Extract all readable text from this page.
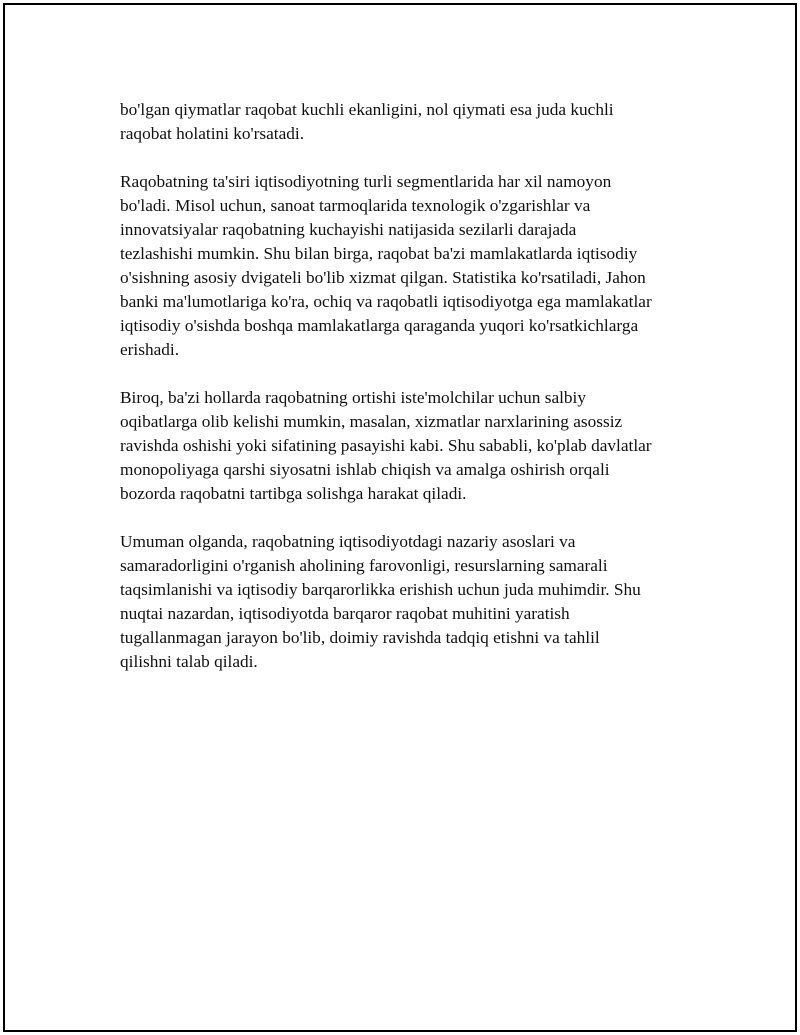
bo'lgan qiymatlar raqobat kuchli ekanligini, nol qiymati esa juda kuchli
raqobat holatini ko'rsatadi.

Raqobatning ta'siri iqtisodiyotning turli segmentlarida har xil namoyon
bo'ladi. Misol uchun, sanoat tarmoqlarida texnologik o'zgarishlar va
innovatsiyalar raqobatning kuchayishi natijasida sezilarli darajada
tezlashishi mumkin. Shu bilan birga, raqobat ba'zi mamlakatlarda iqtisodiy
o'sishning asosiy dvigateli bo'lib xizmat qilgan. Statistika ko'rsatiladi, Jahon
banki ma'lumotlariga ko'ra, ochiq va raqobatli iqtisodiyotga ega mamlakatlar
iqtisodiy o'sishda boshqa mamlakatlarga qaraganda yuqori ko'rsatkichlarga
erishadi.

Biroq, ba'zi hollarda raqobatning ortishi iste'molchilar uchun salbiy
oqibatlarga olib kelishi mumkin, masalan, xizmatlar narxlarining asossiz
ravishda oshishi yoki sifatining pasayishi kabi. Shu sababli, ko'plab davlatlar
monopoliyaga qarshi siyosatni ishlab chiqish va amalga oshirish orqali
bozorda raqobatni tartibga solishga harakat qiladi.

Umuman olganda, raqobatning iqtisodiyotdagi nazariy asoslari va
samaradorligini o'rganish aholining farovonligi, resurslarning samarali
taqsimlanishi va iqtisodiy barqarorlikka erishish uchun juda muhimdir. Shu
nuqtai nazardan, iqtisodiyotda barqaror raqobat muhitini yaratish
tugallanmagan jarayon bo'lib, doimiy ravishda tadqiq etishni va tahlil
qilishni talab qiladi.
